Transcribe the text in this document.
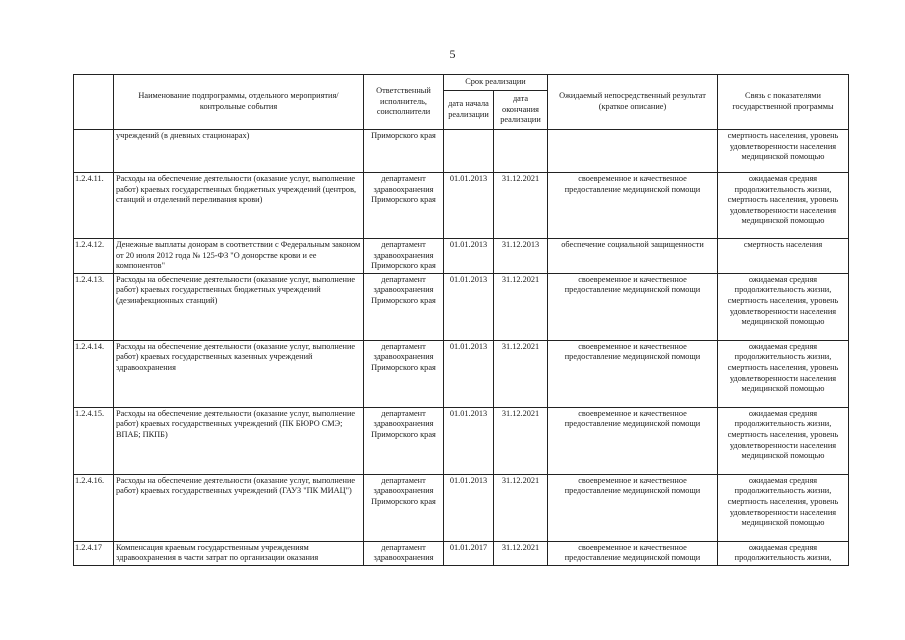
5
	Наименование подпрограммы, отдельного мероприятия/контрольные события	Ответственный исполнитель, соисполнители	Срок реализации		Ожидаемый непосредственный результат (краткое описание)	Связь с показателями государственной программы
			дата начала реализации	дата окончания реализации		
	учреждений (в дневных стационарах)	Приморского края				смертность населения, уровень удовлетворенности населения медицинской помощью
1.2.4.11.	Расходы на обеспечение деятельности (оказание услуг, выполнение работ) краевых государственных бюджетных учреждений (центров, станций и отделений переливания крови)	департамент здравоохранения Приморского края	01.01.2013	31.12.2021	своевременное и качественное предоставление медицинской помощи	ожидаемая средняя продолжительность жизни, смертность населения, уровень удовлетворенности населения медицинской помощью
1.2.4.12.	Денежные выплаты донорам в соответствии с Федеральным законом от 20 июля 2012 года № 125-ФЗ "О донорстве крови и ее компонентов"	департамент здравоохранения Приморского края	01.01.2013	31.12.2013	обеспечение социальной защищенности	смертность населения
1.2.4.13.	Расходы на обеспечение деятельности (оказание услуг, выполнение работ) краевых государственных бюджетных учреждений (дезинфекционных станций)	департамент здравоохранения Приморского края	01.01.2013	31.12.2021	своевременное и качественное предоставление медицинской помощи	ожидаемая средняя продолжительность жизни, смертность населения, уровень удовлетворенности населения медицинской помощью
1.2.4.14.	Расходы на обеспечение деятельности (оказание услуг, выполнение работ) краевых государственных казенных учреждений здравоохранения	департамент здравоохранения Приморского края	01.01.2013	31.12.2021	своевременное и качественное предоставление медицинской помощи	ожидаемая средняя продолжительность жизни, смертность населения, уровень удовлетворенности населения медицинской помощью
1.2.4.15.	Расходы на обеспечение деятельности (оказание услуг, выполнение работ) краевых государственных учреждений (ПК БЮРО СМЭ; ВПАБ; ПКПБ)	департамент здравоохранения Приморского края	01.01.2013	31.12.2021	своевременное и качественное предоставление медицинской помощи	ожидаемая средняя продолжительность жизни, смертность населения, уровень удовлетворенности населения медицинской помощью
1.2.4.16.	Расходы на обеспечение деятельности (оказание услуг, выполнение работ) краевых государственных учреждений (ГАУЗ "ПК МИАЦ")	департамент здравоохранения Приморского края	01.01.2013	31.12.2021	своевременное и качественное предоставление медицинской помощи	ожидаемая средняя продолжительность жизни, смертность населения, уровень удовлетворенности населения медицинской помощью
1.2.4.17	Компенсация краевым государственным учреждениям здравоохранения в части затрат по организации оказания	департамент здравоохранения	01.01.2017	31.12.2021	своевременное и качественное предоставление медицинской помощи	ожидаемая средняя продолжительность жизни,
